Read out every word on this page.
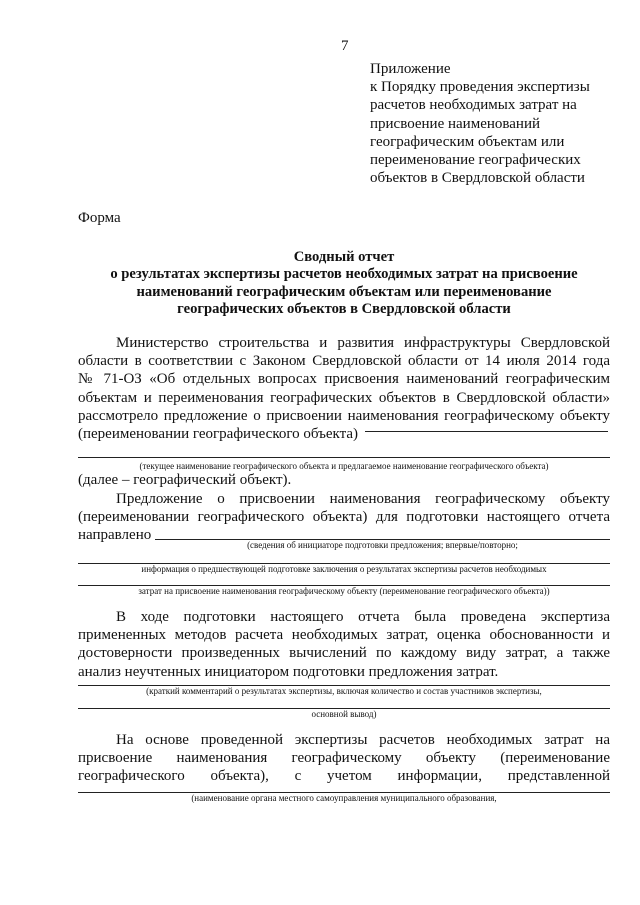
7
Приложение
к Порядку проведения экспертизы
расчетов необходимых затрат на
присвоение наименований
географическим объектам или
переименование географических
объектов в Свердловской области
Форма
Сводный отчет
о результатах экспертизы расчетов необходимых затрат на присвоение
наименований географическим объектам или переименование
географических объектов в Свердловской области
Министерство строительства и развития инфраструктуры Свердловской
области в соответствии с Законом Свердловской области от 14 июля 2014 года
№ 71-ОЗ «Об отдельных вопросах присвоения наименований географическим
объектам и переименования географических объектов в Свердловской области»
рассмотрело предложение о присвоении наименования географическому объекту
(переименовании географического объекта)
(текущее наименование географического объекта и предлагаемое наименование географического объекта)
(далее – географический объект).
Предложение о присвоении наименования географическому объекту
(переименовании географического объекта) для подготовки настоящего отчета
направлено
(сведения об инициаторе подготовки предложения; впервые/повторно;
информация о предшествующей подготовке заключения о результатах экспертизы расчетов необходимых
затрат на присвоение наименования географическому объекту (переименование географического объекта))
В ходе подготовки настоящего отчета была проведена экспертиза
примененных методов расчета необходимых затрат, оценка обоснованности и
достоверности произведенных вычислений по каждому виду затрат, а также
анализ неучтенных инициатором подготовки предложения затрат.
(краткий комментарий о результатах экспертизы, включая количество и состав участников экспертизы,
основной вывод)
На основе проведенной экспертизы расчетов необходимых затрат на
присвоение наименования географическому объекту (переименование
географического объекта), с учетом информации, представленной
(наименование органа местного самоуправления муниципального образования,
